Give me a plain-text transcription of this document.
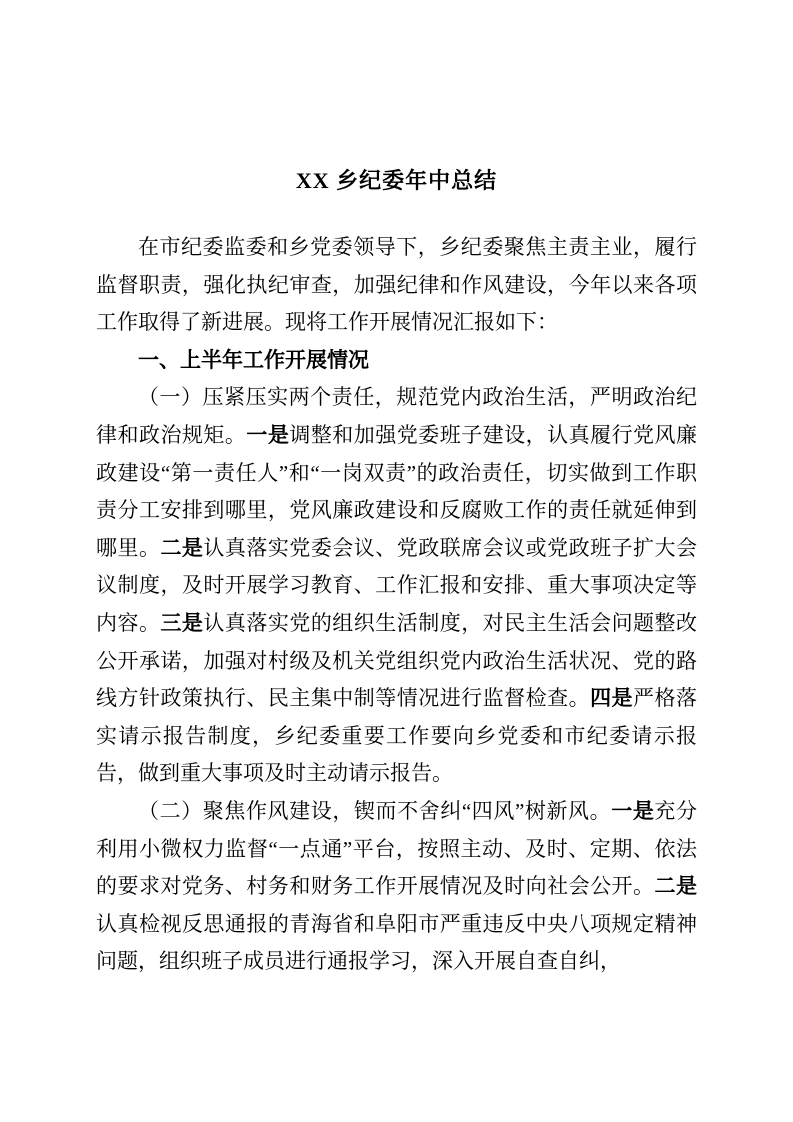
XX 乡纪委年中总结

在市纪委监委和乡党委领导下，乡纪委聚焦主责主业，履行监督职责，强化执纪审查，加强纪律和作风建设，今年以来各项工作取得了新进展。现将工作开展情况汇报如下：

一、上半年工作开展情况

（一）压紧压实两个责任，规范党内政治生活，严明政治纪律和政治规矩。一是调整和加强党委班子建设，认真履行党风廉政建设“第一责任人”和“一岗双责”的政治责任，切实做到工作职责分工安排到哪里，党风廉政建设和反腐败工作的责任就延伸到哪里。二是认真落实党委会议、党政联席会议或党政班子扩大会议制度，及时开展学习教育、工作汇报和安排、重大事项决定等内容。三是认真落实党的组织生活制度，对民主生活会问题整改公开承诺，加强对村级及机关党组织党内政治生活状况、党的路线方针政策执行、民主集中制等情况进行监督检查。四是严格落实请示报告制度，乡纪委重要工作要向乡党委和市纪委请示报告，做到重大事项及时主动请示报告。

（二）聚焦作风建设，锲而不舍纠“四风”树新风。一是充分利用小微权力监督“一点通”平台，按照主动、及时、定期、依法的要求对党务、村务和财务工作开展情况及时向社会公开。二是认真检视反思通报的青海省和阜阳市严重违反中央八项规定精神问题，组织班子成员进行通报学习，深入开展自查自纠，
